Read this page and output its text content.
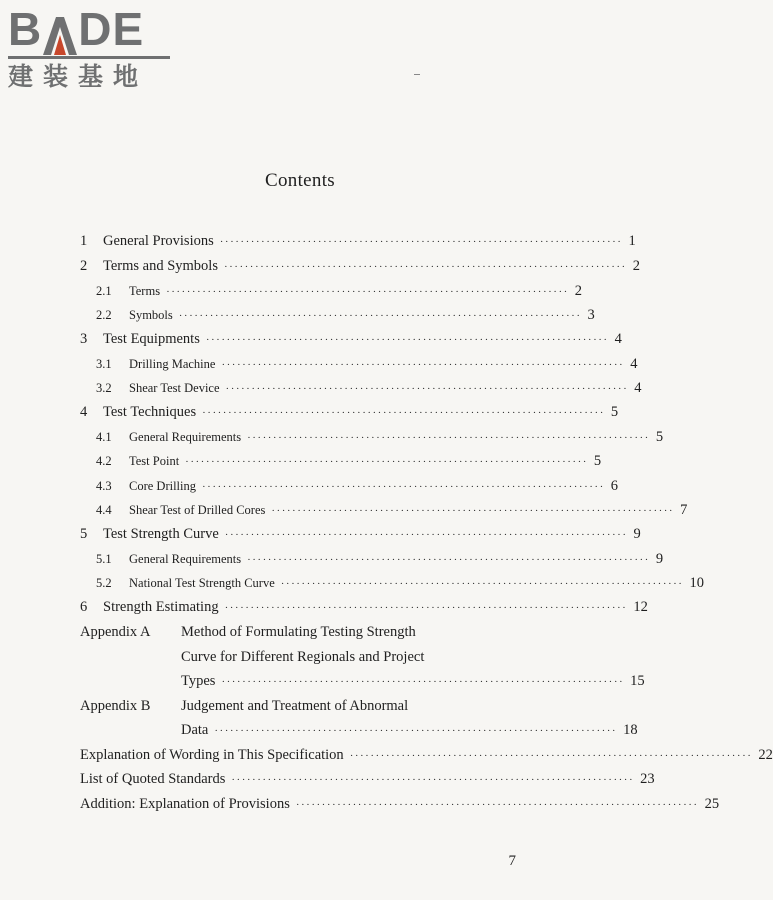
B DE
建装基地
Contents
1	General Provisions ·············································································· 1
2	Terms and Symbols ·············································································· 2
2.1	Terms ·············································································· 2
2.2	Symbols ·············································································· 3
3	Test Equipments ·············································································· 4
3.1	Drilling Machine ·············································································· 4
3.2	Shear Test Device ·············································································· 4
4	Test Techniques ·············································································· 5
4.1	General Requirements ·············································································· 5
4.2	Test Point ·············································································· 5
4.3	Core Drilling ·············································································· 6
4.4	Shear Test of Drilled Cores ·············································································· 7
5	Test Strength Curve ·············································································· 9
5.1	General Requirements ·············································································· 9
5.2	National Test Strength Curve ·············································································· 10
6	Strength Estimating ·············································································· 12
Appendix A Method of Formulating Testing Strength
Curve for Different Regionals and Project
Types ·············································································· 15
Appendix B Judgement and Treatment of Abnormal
Data ·············································································· 18
Explanation of Wording in This Specification ·············································································· 22
List of Quoted Standards ·············································································· 23
Addition: Explanation of Provisions ·············································································· 25
7
